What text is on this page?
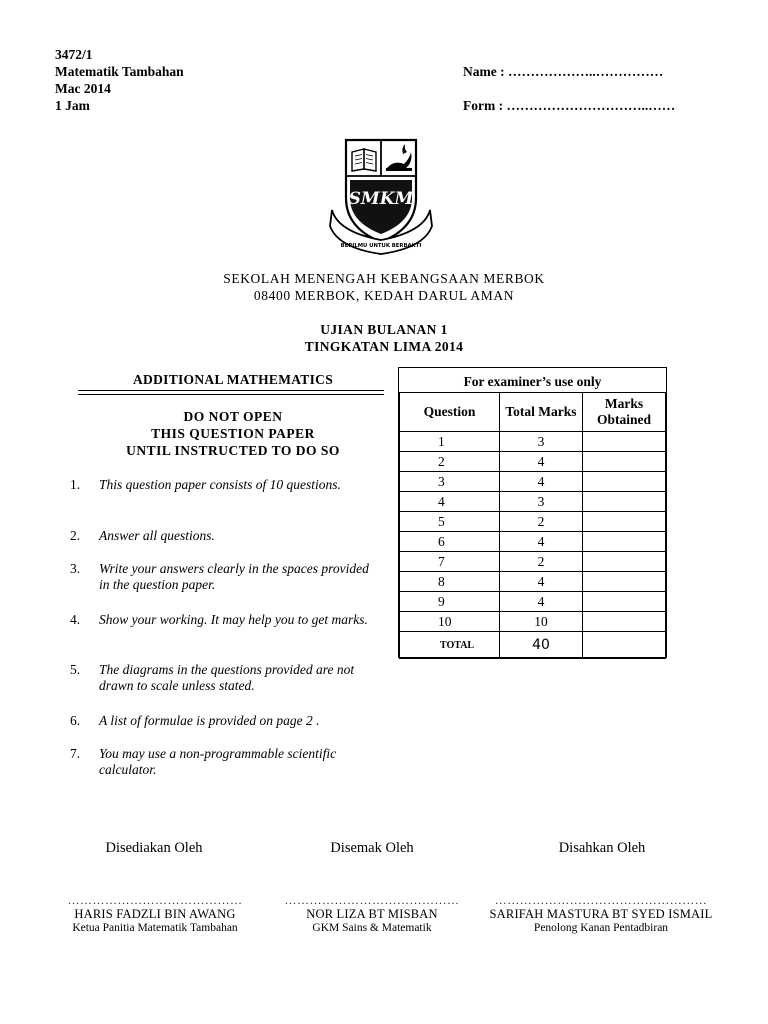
3472/1
Matematik Tambahan
Mac 2014
1 Jam
Name : ………………..……………
Form : …………………………..……
SMKM
BERILMU UNTUK BERBAKTI
SEKOLAH MENENGAH KEBANGSAAN MERBOK
08400 MERBOK, KEDAH DARUL AMAN
UJIAN BULANAN 1
TINGKATAN LIMA 2014
ADDITIONAL MATHEMATICS
DO NOT OPEN
THIS QUESTION PAPER
UNTIL INSTRUCTED TO DO SO
1. This question paper consists of 10 questions.
2. Answer all questions.
3. Write your answers clearly in the spaces provided in the question paper.
4. Show your working. It may help you to get marks.
5. The diagrams in the questions provided are not drawn to scale unless stated.
6. A list of formulae is provided on page 2 .
7. You may use a non-programmable scientific calculator.
For examiner’s use only
Question	Total Marks	Marks Obtained
1	3	
2	4	
3	4	
4	3	
5	2	
6	4	
7	2	
8	4	
9	4	
10	10	
TOTAL	40	
Disediakan Oleh	Disemak Oleh	Disahkan Oleh
……………………………………	……………………………………	……………………………………………
HARIS FADZLI BIN AWANG	NOR LIZA BT MISBAN	SARIFAH MASTURA BT SYED ISMAIL
Ketua Panitia Matematik Tambahan	GKM Sains & Matematik	Penolong Kanan Pentadbiran
